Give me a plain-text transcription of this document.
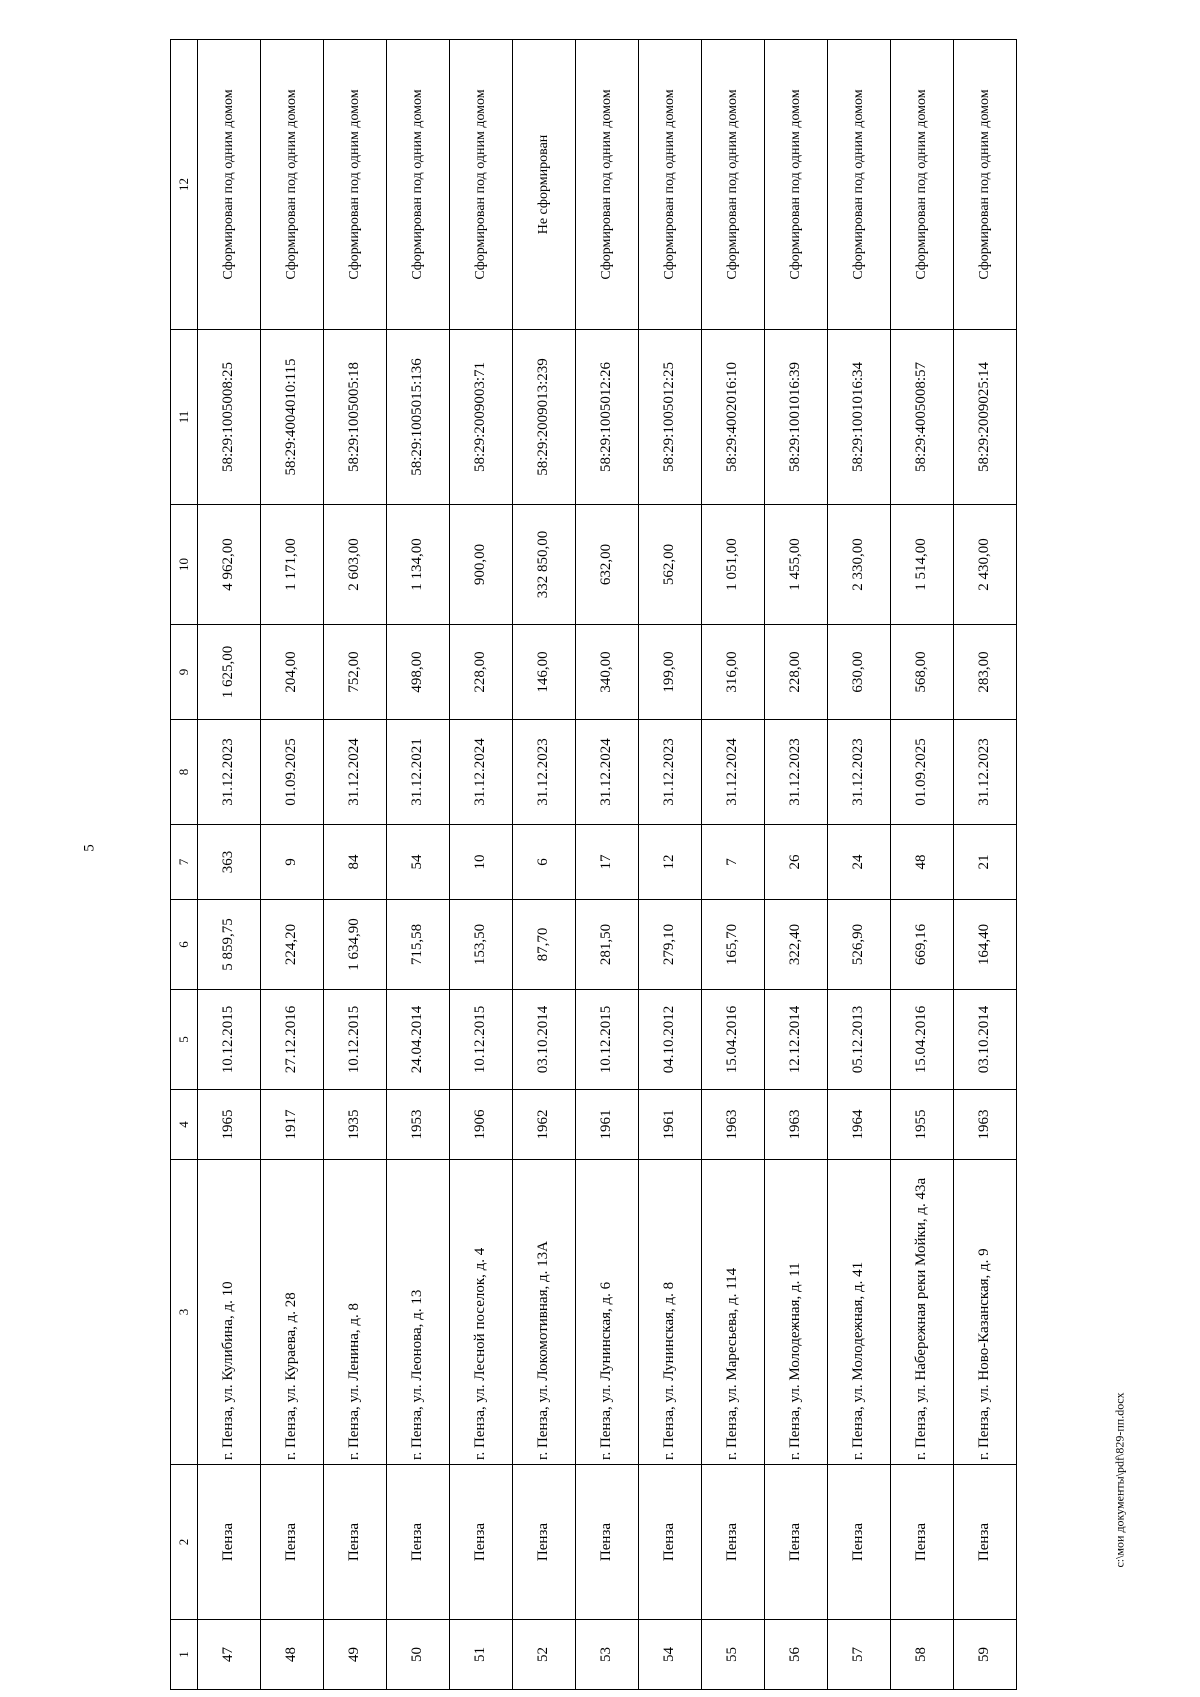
5
c:\мои документы\pdf\829-пп.docx
1	2	3	4	5	6	7	8	9	10	11	12
47	Пенза	г. Пенза, ул. Кулибина, д. 10	1965	10.12.2015	5 859,75	363	31.12.2023	1 625,00	4 962,00	58:29:1005008:25	Сформирован под одним домом
48	Пенза	г. Пенза, ул. Кураева, д. 28	1917	27.12.2016	224,20	9	01.09.2025	204,00	1 171,00	58:29:4004010:115	Сформирован под одним домом
49	Пенза	г. Пенза, ул. Ленина, д. 8	1935	10.12.2015	1 634,90	84	31.12.2024	752,00	2 603,00	58:29:1005005:18	Сформирован под одним домом
50	Пенза	г. Пенза, ул. Леонова, д. 13	1953	24.04.2014	715,58	54	31.12.2021	498,00	1 134,00	58:29:1005015:136	Сформирован под одним домом
51	Пенза	г. Пенза, ул. Лесной поселок, д. 4	1906	10.12.2015	153,50	10	31.12.2024	228,00	900,00	58:29:2009003:71	Сформирован под одним домом
52	Пенза	г. Пенза, ул. Локомотивная, д. 13А	1962	03.10.2014	87,70	6	31.12.2023	146,00	332 850,00	58:29:2009013:239	Не сформирован
53	Пенза	г. Пенза, ул. Лунинская, д. 6	1961	10.12.2015	281,50	17	31.12.2024	340,00	632,00	58:29:1005012:26	Сформирован под одним домом
54	Пенза	г. Пенза, ул. Лунинская, д. 8	1961	04.10.2012	279,10	12	31.12.2023	199,00	562,00	58:29:1005012:25	Сформирован под одним домом
55	Пенза	г. Пенза, ул. Маресьева, д. 114	1963	15.04.2016	165,70	7	31.12.2024	316,00	1 051,00	58:29:4002016:10	Сформирован под одним домом
56	Пенза	г. Пенза, ул. Молодежная, д. 11	1963	12.12.2014	322,40	26	31.12.2023	228,00	1 455,00	58:29:1001016:39	Сформирован под одним домом
57	Пенза	г. Пенза, ул. Молодежная, д. 41	1964	05.12.2013	526,90	24	31.12.2023	630,00	2 330,00	58:29:1001016:34	Сформирован под одним домом
58	Пенза	г. Пенза, ул. Набережная реки Мойки, д. 43а	1955	15.04.2016	669,16	48	01.09.2025	568,00	1 514,00	58:29:4005008:57	Сформирован под одним домом
59	Пенза	г. Пенза, ул. Ново-Казанская, д. 9	1963	03.10.2014	164,40	21	31.12.2023	283,00	2 430,00	58:29:2009025:14	Сформирован под одним домом
